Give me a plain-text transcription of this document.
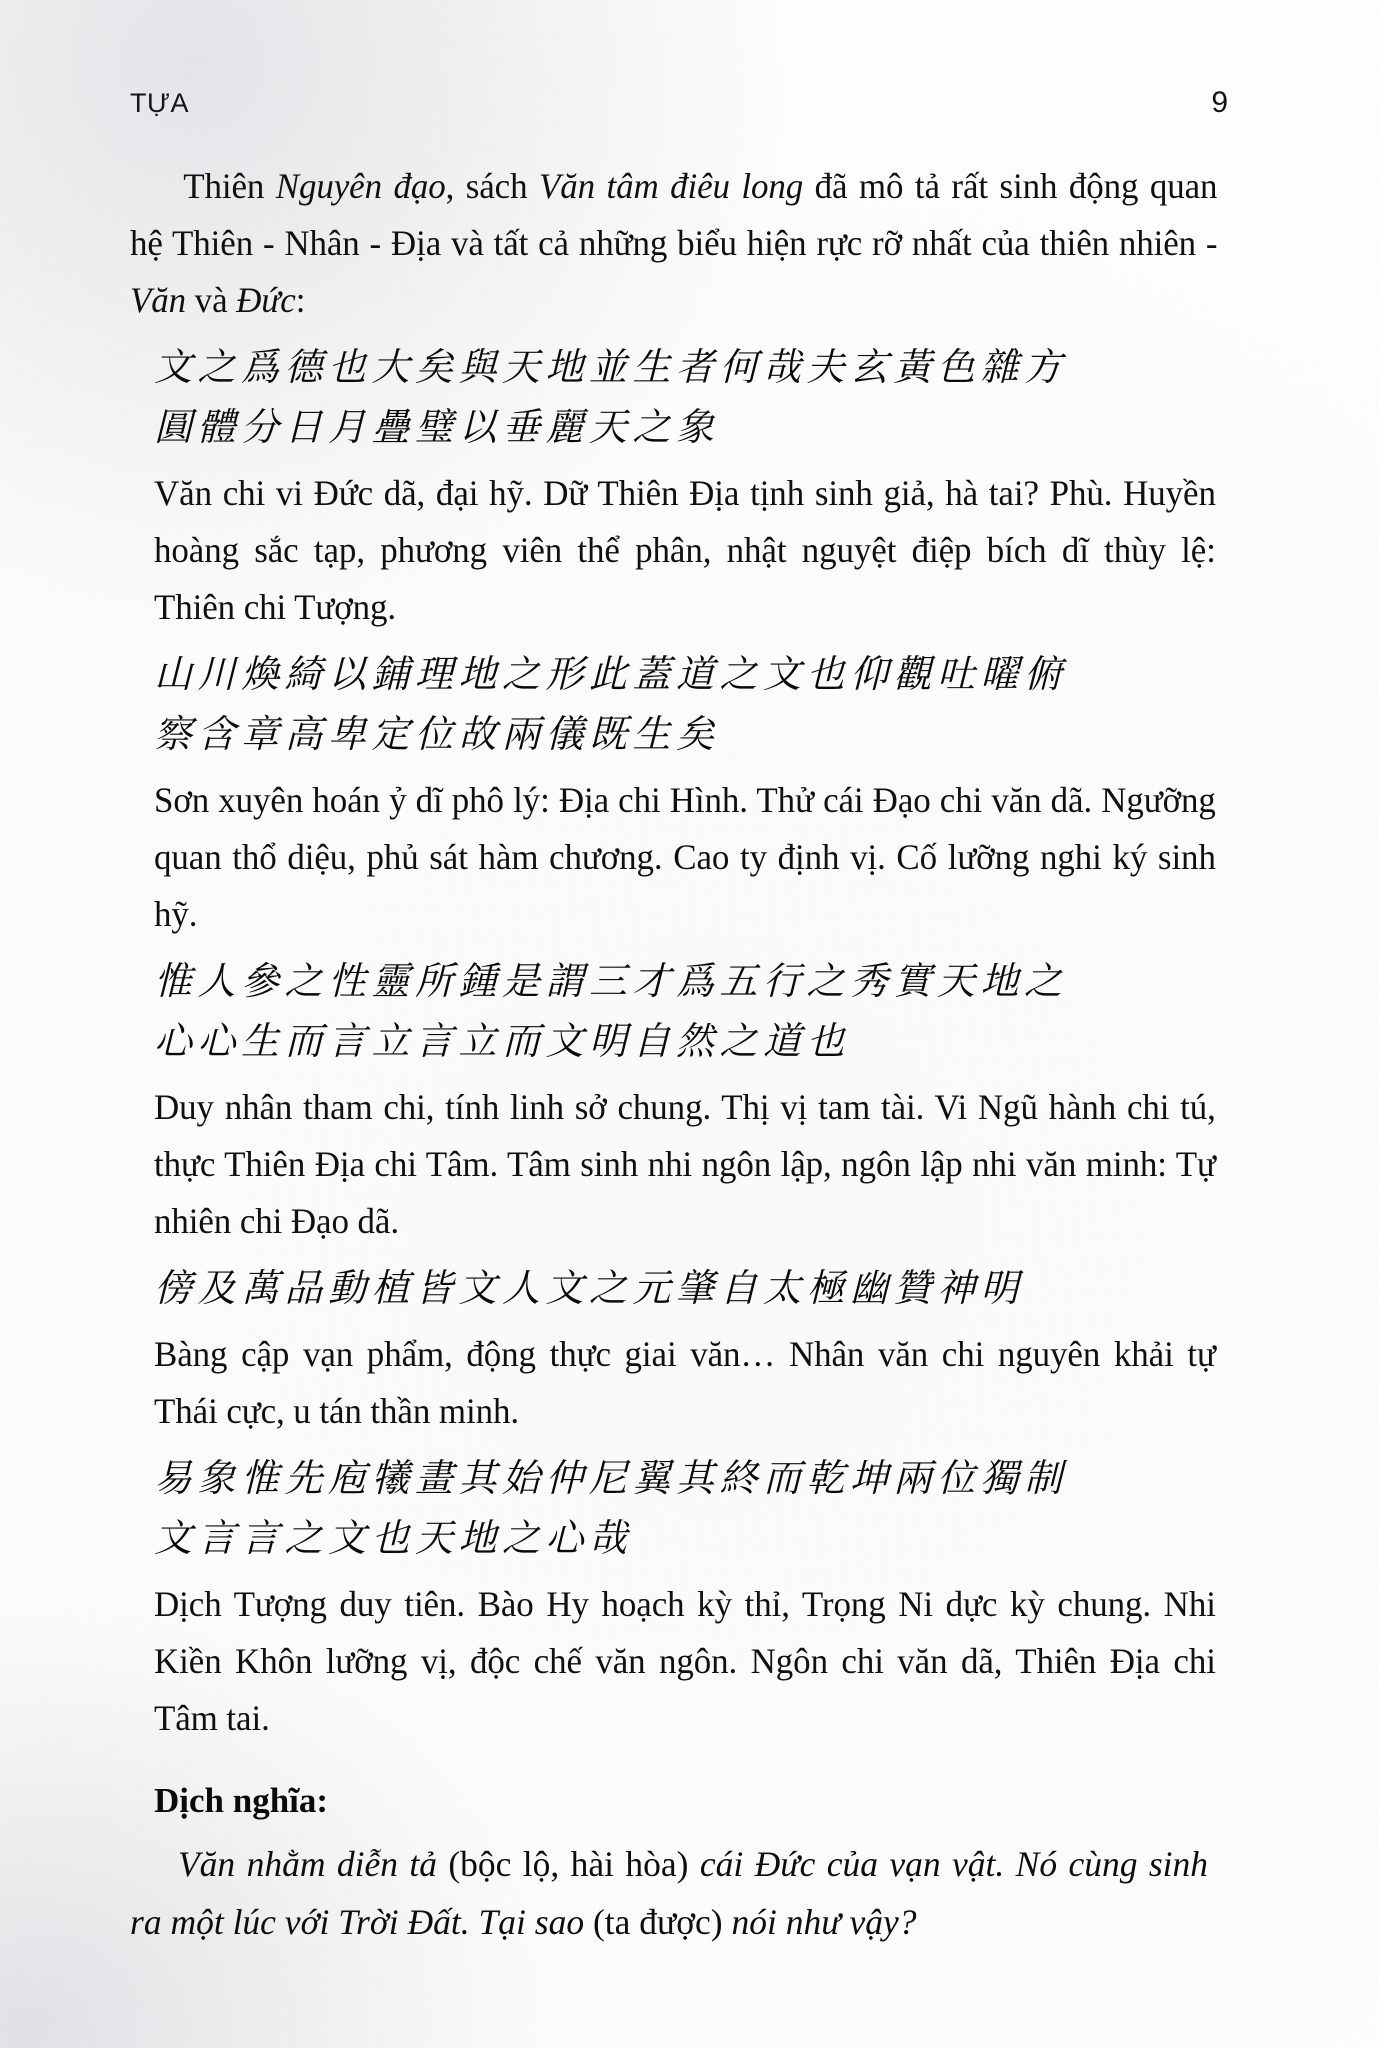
TỰA	9

Thiên Nguyên đạo, sách Văn tâm điêu long đã mô tả rất sinh động quan hệ Thiên - Nhân - Địa và tất cả những biểu hiện rực rỡ nhất của thiên nhiên - Văn và Đức:

文之爲德也大矣與天地並生者何哉夫玄黃色雜方
圓體分日月疊璧以垂麗天之象

Văn chi vi Đức dã, đại hỹ. Dữ Thiên Địa tịnh sinh giả, hà tai? Phù. Huyền hoàng sắc tạp, phương viên thể phân, nhật nguyệt điệp bích dĩ thùy lệ: Thiên chi Tượng.

山川煥綺以鋪理地之形此蓋道之文也仰觀吐曜俯
察含章高卑定位故兩儀既生矣

Sơn xuyên hoán ỷ dĩ phô lý: Địa chi Hình. Thử cái Đạo chi văn dã. Ngưỡng quan thổ diệu, phủ sát hàm chương. Cao ty định vị. Cố lưỡng nghi ký sinh hỹ.

惟人參之性靈所鍾是謂三才爲五行之秀實天地之
心心生而言立言立而文明自然之道也

Duy nhân tham chi, tính linh sở chung. Thị vị tam tài. Vi Ngũ hành chi tú, thực Thiên Địa chi Tâm. Tâm sinh nhi ngôn lập, ngôn lập nhi văn minh: Tự nhiên chi Đạo dã.

傍及萬品動植皆文人文之元肇自太極幽贊神明

Bàng cập vạn phẩm, động thực giai văn… Nhân văn chi nguyên khải tự Thái cực, u tán thần minh.

易象惟先庖犧畫其始仲尼翼其終而乾坤兩位獨制
文言言之文也天地之心哉

Dịch Tượng duy tiên. Bào Hy hoạch kỳ thỉ, Trọng Ni dực kỳ chung. Nhi Kiền Khôn lưỡng vị, độc chế văn ngôn. Ngôn chi văn dã, Thiên Địa chi Tâm tai.

Dịch nghĩa:

Văn nhằm diễn tả (bộc lộ, hài hòa) cái Đức của vạn vật. Nó cùng sinh ra một lúc với Trời Đất. Tại sao (ta được) nói như vậy?
